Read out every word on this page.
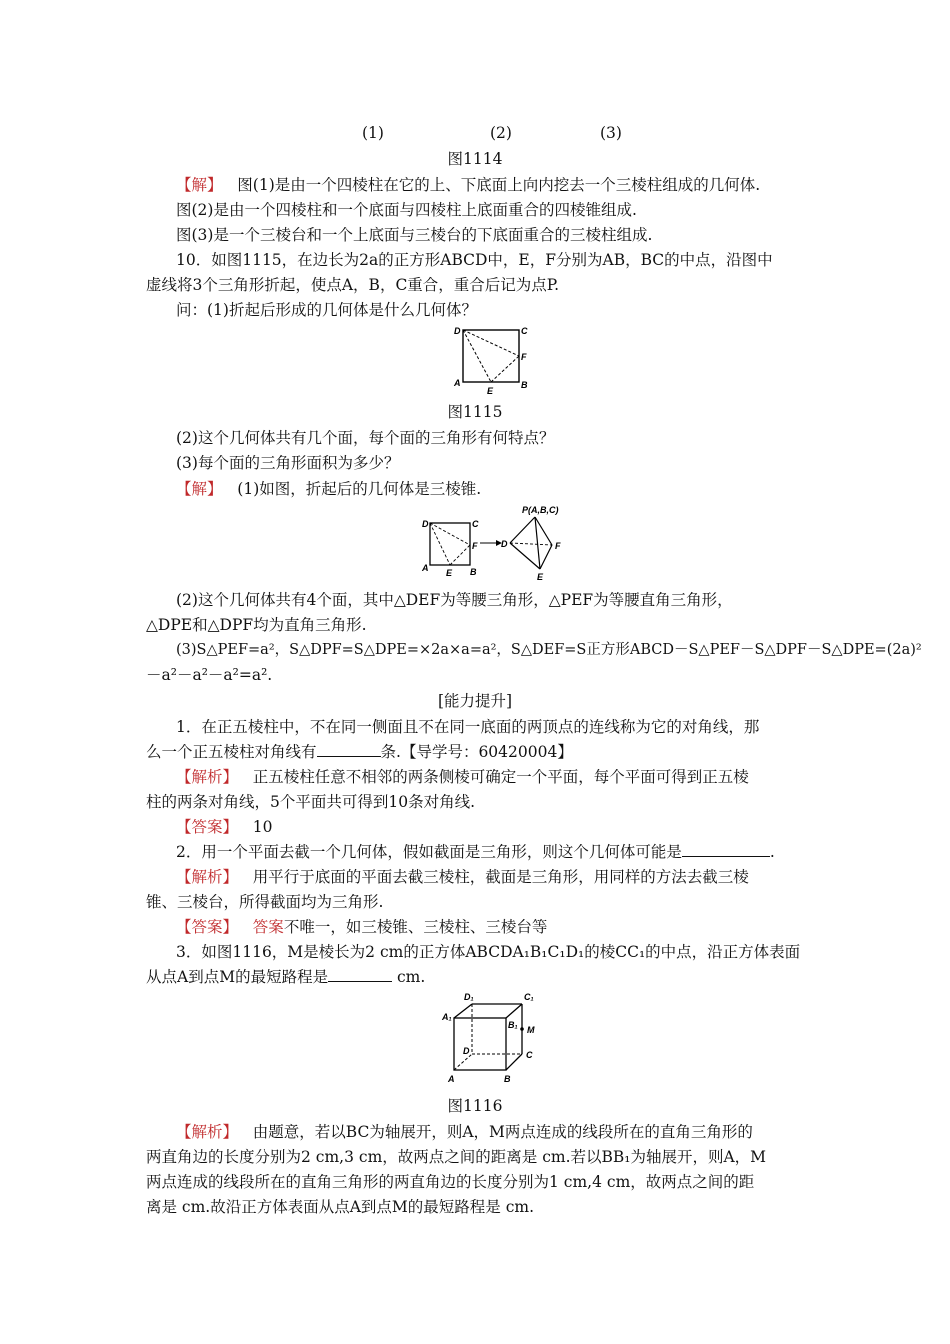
(1)	(2)	(3)
图1114
【解】 图(1)是由一个四棱柱在它的上、下底面上向内挖去一个三棱柱组成的几何体.
图(2)是由一个四棱柱和一个底面与四棱柱上底面重合的四棱锥组成.
图(3)是一个三棱台和一个上底面与三棱台的下底面重合的三棱柱组成.
10．如图1115，在边长为2a的正方形ABCD中，E，F分别为AB，BC的中点，沿图中
虚线将3个三角形折起，使点A，B，C重合，重合后记为点P.
问：(1)折起后形成的几何体是什么几何体？
D	C
F
A
E
B
图1115
(2)这个几何体共有几个面，每个面的三角形有何特点？
(3)每个面的三角形面积为多少？
【解】 (1)如图，折起后的几何体是三棱锥.
D	C
F
A E B
P(A,B,C)
D	F
E
(2)这个几何体共有4个面，其中△DEF为等腰三角形，△PEF为等腰直角三角形，
△DPE和△DPF均为直角三角形.
(3)S△PEF=a²，S△DPF=S△DPE=×2a×a=a²，S△DEF=S正方形ABCD－S△PEF－S△DPF－S△DPE=(2a)²
－a²－a²－a²=a².
[能力提升]
1．在正五棱柱中，不在同一侧面且不在同一底面的两顶点的连线称为它的对角线，那
么一个正五棱柱对角线有	条.【导学号：60420004】
【解析】 正五棱柱任意不相邻的两条侧棱可确定一个平面，每个平面可得到正五棱
柱的两条对角线，5个平面共可得到10条对角线.
【答案】 10
2．用一个平面去截一个几何体，假如截面是三角形，则这个几何体可能是	.
【解析】 用平行于底面的平面去截三棱柱，截面是三角形，用同样的方法去截三棱
锥、三棱台，所得截面均为三角形.
【答案】 答案不唯一，如三棱锥、三棱柱、三棱台等
3．如图1116，M是棱长为2 cm的正方体ABCDA₁B₁C₁D₁的棱CC₁的中点，沿正方体表面
从点A到点M的最短路程是	cm.
D₁	C₁
A₁
B₁ M
D	C
A	B
图1116
【解析】 由题意，若以BC为轴展开，则A，M两点连成的线段所在的直角三角形的
两直角边的长度分别为2 cm,3 cm，故两点之间的距离是 cm.若以BB₁为轴展开，则A，M
两点连成的线段所在的直角三角形的两直角边的长度分别为1 cm,4 cm，故两点之间的距
离是 cm.故沿正方体表面从点A到点M的最短路程是 cm.
